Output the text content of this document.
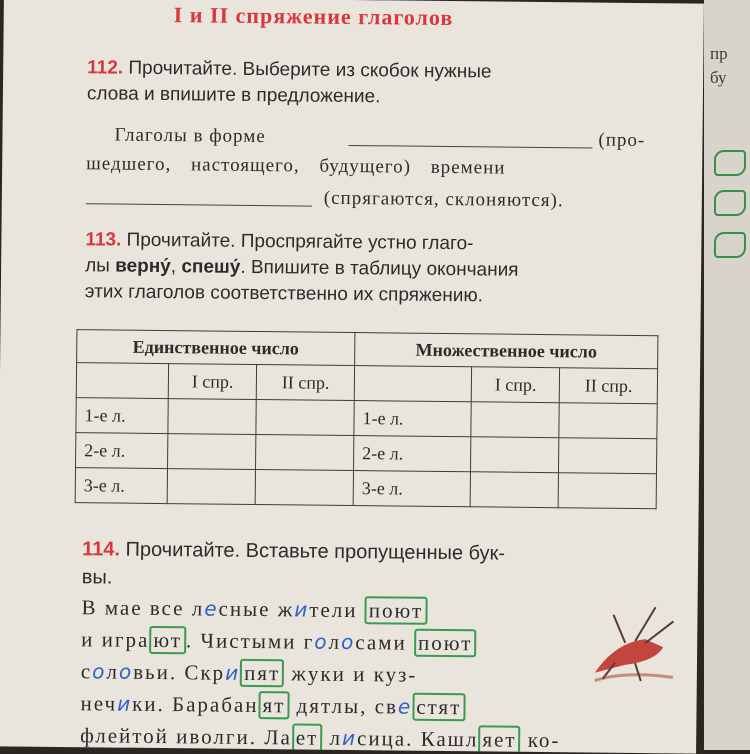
I и II спряжение глаголов
112. Прочитайте. Выберите из скобок нужные
слова и впишите в предложение.
Глаголы в форме	(про-
шедшего, настоящего, будущего) времени
(спрягаются, склоняются).
113. Прочитайте. Проспрягайте устно глаго-
лы верну́, спешу́. Впишите в таблицу окончания
этих глаголов соответственно их спряжению.
Единственное число			Множественное число		
	I спр.	II спр.		I спр.	II спр.
1-е л.			1-е л.		
2-е л.			2-е л.		
3-е л.			3-е л.		
114. Прочитайте. Вставьте пропущенные бук-
вы.
В мае все лесные жители поют
и игра ют . Чистыми голосами поют
соловьи. Скри пят жуки и куз-
нечики. Барабан ят дятлы, све стят
флейтой иволги. Ла ет лисица. Кашл яет ко-
пр
бу
